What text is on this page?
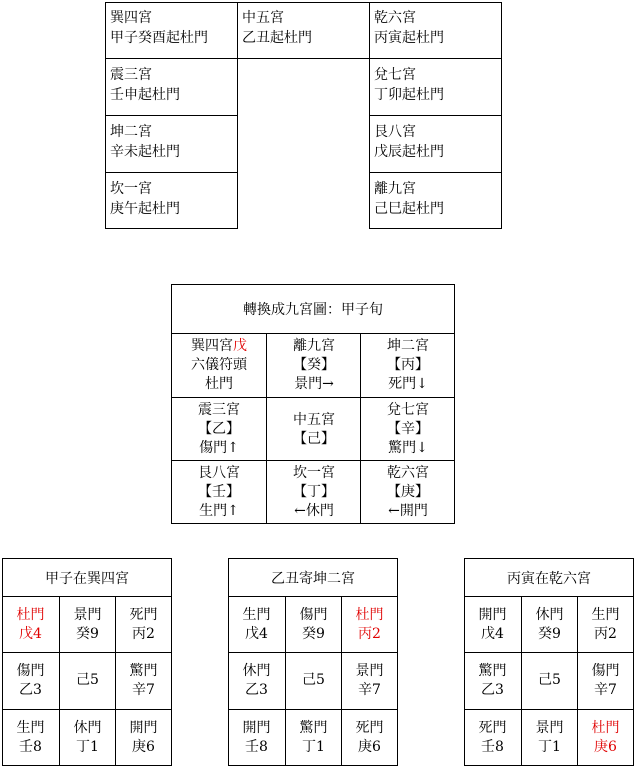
巽四宮
甲子癸酉起杜門
中五宮
乙丑起杜門
乾六宮
丙寅起杜門
震三宮
壬申起杜門
兌七宮
丁卯起杜門
坤二宮
辛未起杜門
艮八宮
戊辰起杜門
坎一宮
庚午起杜門
離九宮
己巳起杜門
轉換成九宮圖：甲子旬
巽四宮戊
六儀符頭
杜門
離九宮
【癸】
景門→
坤二宮
【丙】
死門↓
震三宮
【乙】
傷門↑
中五宮
【己】
兌七宮
【辛】
驚門↓
艮八宮
【壬】
生門↑
坎一宮
【丁】
←休門
乾六宮
【庚】
←開門
甲子在巽四宮
杜門
戊4
景門
癸9
死門
丙2
傷門
乙3
己5
驚門
辛7
生門
壬8
休門
丁1
開門
庚6
乙丑寄坤二宮
生門
戊4
傷門
癸9
杜門
丙2
休門
乙3
己5
景門
辛7
開門
壬8
驚門
丁1
死門
庚6
丙寅在乾六宮
開門
戊4
休門
癸9
生門
丙2
驚門
乙3
己5
傷門
辛7
死門
壬8
景門
丁1
杜門
庚6
